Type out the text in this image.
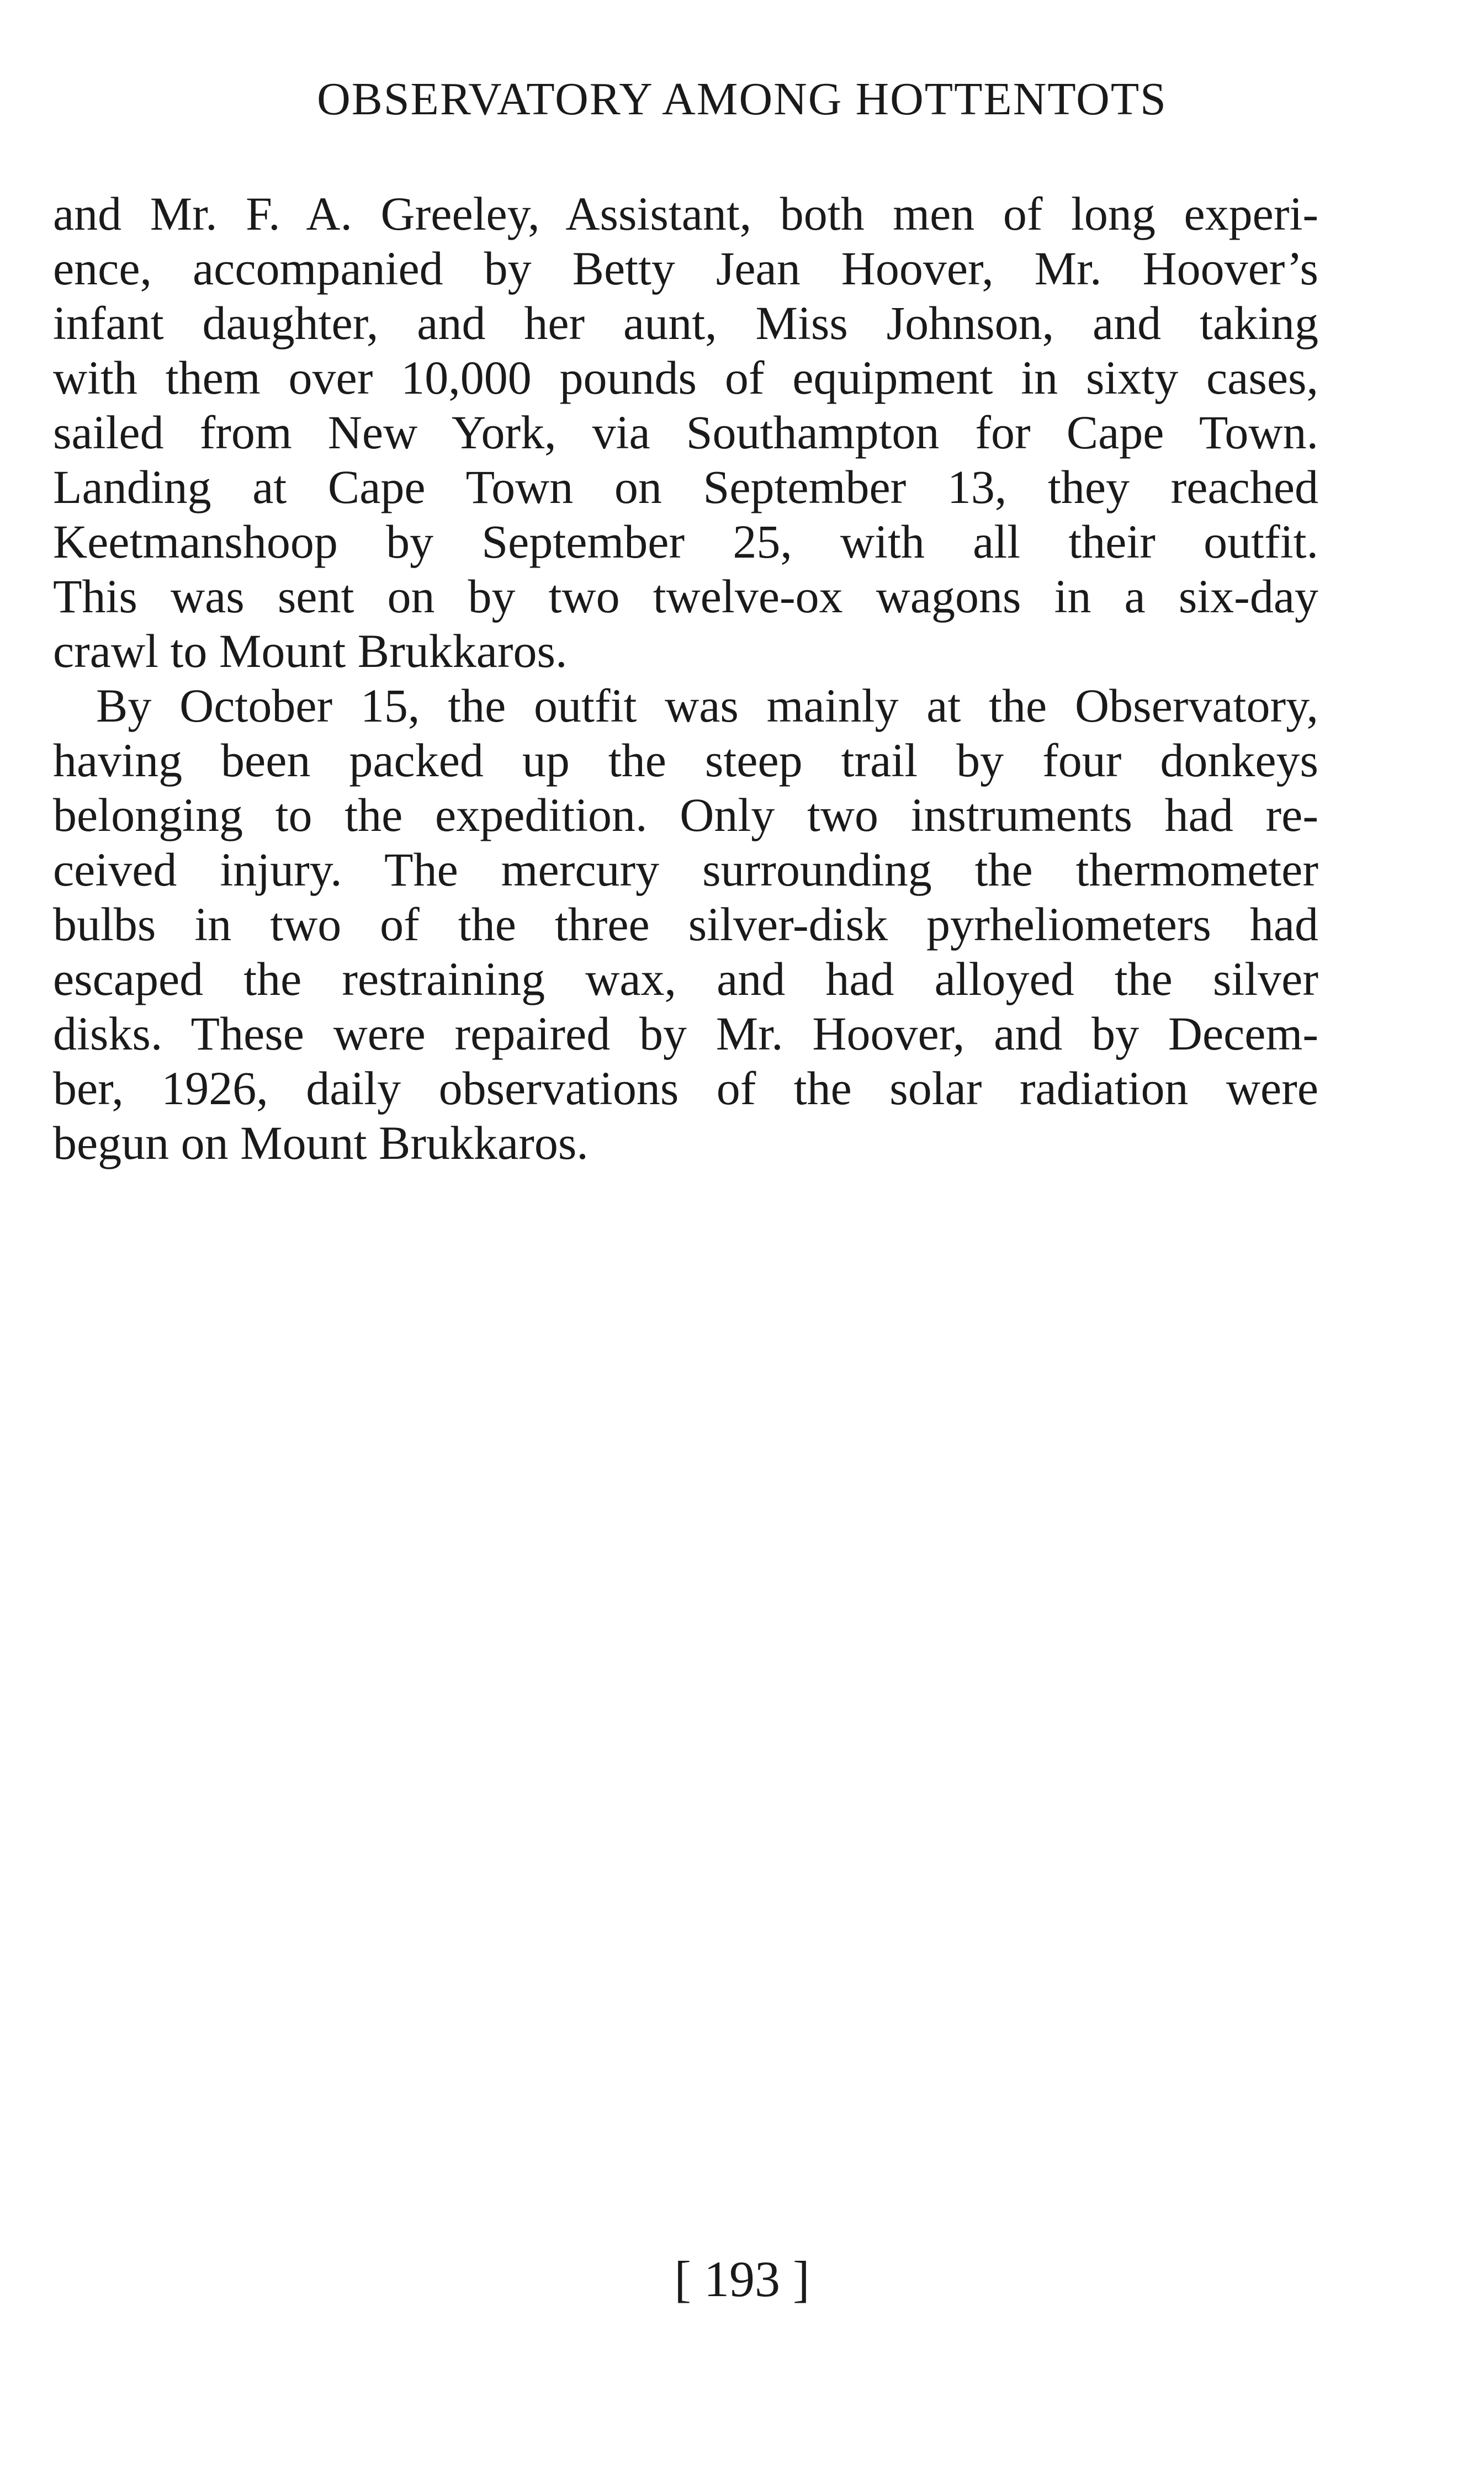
OBSERVATORY AMONG HOTTENTOTS

and Mr. F. A. Greeley, Assistant, both men of long experi-
ence, accompanied by Betty Jean Hoover, Mr. Hoover’s
infant daughter, and her aunt, Miss Johnson, and taking
with them over 10,000 pounds of equipment in sixty cases,
sailed from New York, via Southampton for Cape Town.
Landing at Cape Town on September 13, they reached
Keetmanshoop by September 25, with all their outfit.
This was sent on by two twelve-ox wagons in a six-day
crawl to Mount Brukkaros.

By October 15, the outfit was mainly at the Observatory,
having been packed up the steep trail by four donkeys
belonging to the expedition. Only two instruments had re-
ceived injury. The mercury surrounding the thermometer
bulbs in two of the three silver-disk pyrheliometers had
escaped the restraining wax, and had alloyed the silver
disks. These were repaired by Mr. Hoover, and by Decem-
ber, 1926, daily observations of the solar radiation were
begun on Mount Brukkaros.

[ 193 ]
